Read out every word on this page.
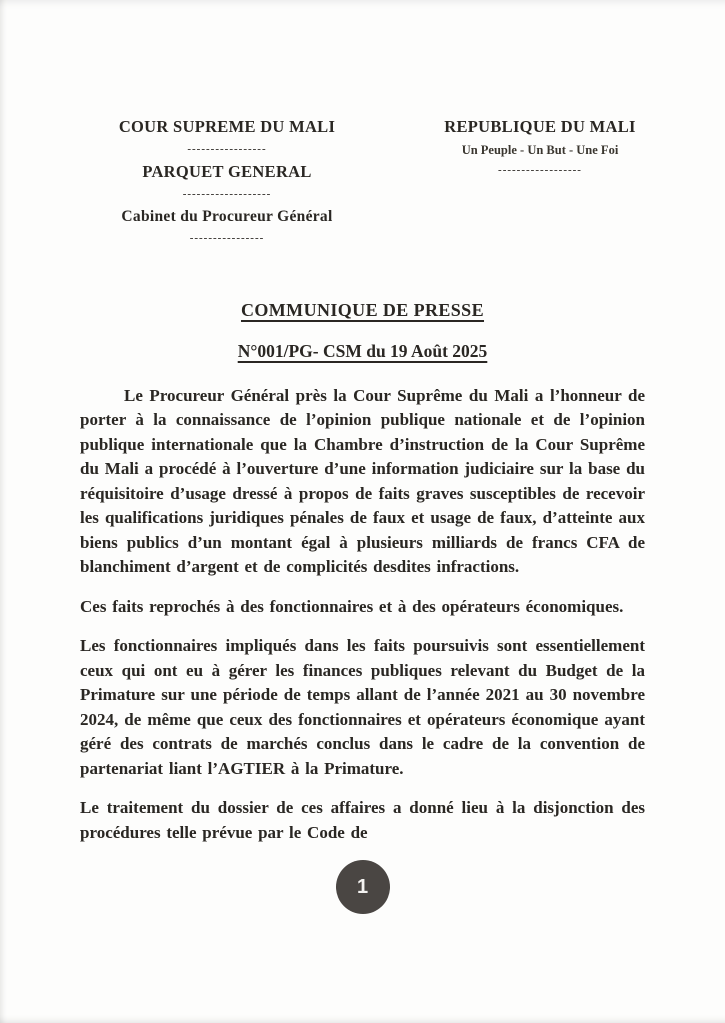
COUR SUPREME DU MALI
-----------------
PARQUET GENERAL
-------------------
Cabinet du Procureur Général
----------------
REPUBLIQUE DU MALI
Un Peuple - Un But - Une Foi
------------------
COMMUNIQUE DE PRESSE
N°001/PG- CSM du 19 Août 2025

Le Procureur Général près la Cour Suprême du Mali a l’honneur de porter à la connaissance de l’opinion publique nationale et de l’opinion publique internationale que la Chambre d’instruction de la Cour Suprême du Mali a procédé à l’ouverture d’une information judiciaire sur la base du réquisitoire d’usage dressé à propos de faits graves susceptibles de recevoir les qualifications juridiques pénales de faux et usage de faux, d’atteinte aux biens publics d’un montant égal à plusieurs milliards de francs CFA de blanchiment d’argent et de complicités desdites infractions.

Ces faits reprochés à des fonctionnaires et à des opérateurs économiques.

Les fonctionnaires impliqués dans les faits poursuivis sont essentiellement ceux qui ont eu à gérer les finances publiques relevant du Budget de la Primature sur une période de temps allant de l’année 2021 au 30 novembre 2024, de même que ceux des fonctionnaires et opérateurs économique ayant géré des contrats de marchés conclus dans le cadre de la convention de partenariat liant l’AGTIER à la Primature.

Le traitement du dossier de ces affaires a donné lieu à la disjonction des procédures telle prévue par le Code de

1
